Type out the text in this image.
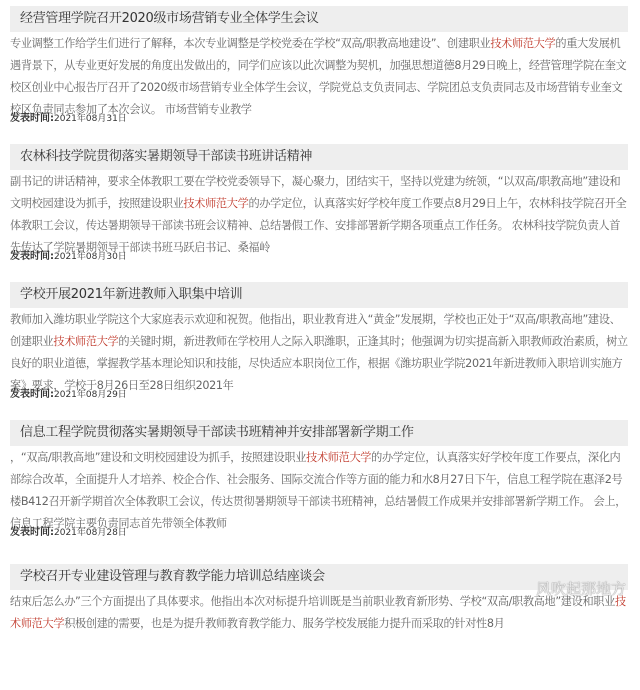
经营管理学院召开2020级市场营销专业全体学生会议
专业调整工作给学生们进行了解释，本次专业调整是学校党委在学校“双高/职教高地建设”、创建职业技术师范大学的重大发展机遇背景下，从专业更好发展的角度出发做出的，同学们应该以此次调整为契机，加强思想道德8月29日晚上，经营管理学院在奎文校区创业中心报告厅召开了2020级市场营销专业全体学生会议，学院党总支负责同志、学院团总支负责同志及市场营销专业奎文校区负责同志参加了本次会议。 市场营销专业教学
发表时间:2021年08月31日
农林科技学院贯彻落实暑期领导干部读书班讲话精神
副书记的讲话精神，要求全体教职工要在学校党委领导下，凝心聚力，团结实干，坚持以党建为统领，“以双高/职教高地”建设和文明校园建设为抓手，按照建设职业技术师范大学的办学定位，认真落实好学校年度工作要点8月29日上午，农林科技学院召开全体教职工会议，传达暑期领导干部读书班会议精神、总结暑假工作、安排部署新学期各项重点工作任务。 农林科技学院负责人首先传达了学院暑期领导干部读书班马跃启书记、桑福岭
发表时间:2021年08月30日
学校开展2021年新进教师入职集中培训
教师加入潍坊职业学院这个大家庭表示欢迎和祝贺。他指出，职业教育进入“黄金”发展期，学校也正处于“双高/职教高地”建设、创建职业技术师范大学的关键时期，新进教师在学校用人之际入职潍职，正逢其时；他强调为切实提高新入职教师政治素质，树立良好的职业道德，掌握教学基本理论知识和技能，尽快适应本职岗位工作，根据《潍坊职业学院2021年新进教师入职培训实施方案》要求，学校于8月26日至28日组织2021年
发表时间:2021年08月29日
信息工程学院贯彻落实暑期领导干部读书班精神并安排部署新学期工作
，“双高/职教高地”建设和文明校园建设为抓手，按照建设职业技术师范大学的办学定位，认真落实好学校年度工作要点，深化内部综合改革，全面提升人才培养、校企合作、社会服务、国际交流合作等方面的能力和水8月27日下午，信息工程学院在惠泽2号楼B412召开新学期首次全体教职工会议，传达贯彻暑期领导干部读书班精神，总结暑假工作成果并安排部署新学期工作。 会上，信息工程学院主要负责同志首先带领全体教师
发表时间:2021年08月28日
学校召开专业建设管理与教育教学能力培训总结座谈会
结束后怎么办”三个方面提出了具体要求。他指出本次对标提升培训既是当前职业教育新形势、学校“双高/职教高地”建设和职业技术师范大学积极创建的需要，也是为提升教师教育教学能力、服务学校发展能力提升而采取的针对性8月
风吹起那地方
